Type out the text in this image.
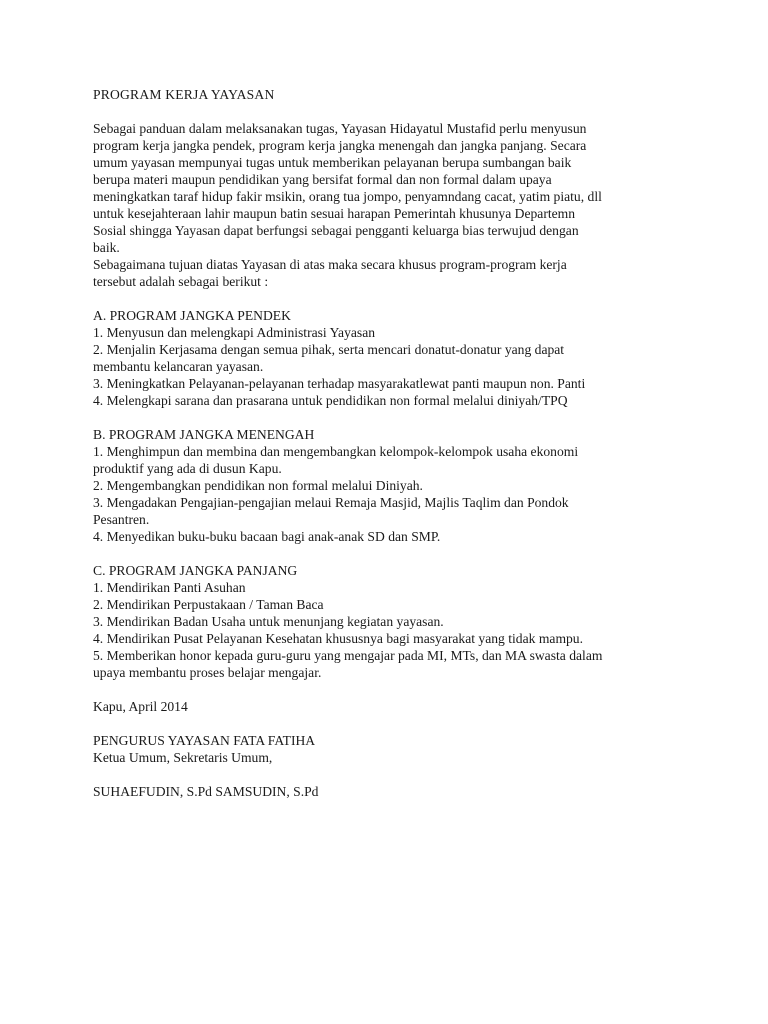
PROGRAM KERJA YAYASAN
Sebagai panduan dalam melaksanakan tugas, Yayasan Hidayatul Mustafid perlu menyusun
program kerja jangka pendek, program kerja jangka menengah dan jangka panjang. Secara
umum yayasan mempunyai tugas untuk memberikan pelayanan berupa sumbangan baik
berupa materi maupun pendidikan yang bersifat formal dan non formal dalam upaya
meningkatkan taraf hidup fakir msikin, orang tua jompo, penyamndang cacat, yatim piatu, dll
untuk kesejahteraan lahir maupun batin sesuai harapan Pemerintah khusunya Departemn
Sosial shingga Yayasan dapat berfungsi sebagai pengganti keluarga bias terwujud dengan
baik.
Sebagaimana tujuan diatas Yayasan di atas maka secara khusus program-program kerja
tersebut adalah sebagai berikut :
A. PROGRAM JANGKA PENDEK
1. Menyusun dan melengkapi Administrasi Yayasan
2. Menjalin Kerjasama dengan semua pihak, serta mencari donatut-donatur yang dapat
membantu kelancaran yayasan.
3. Meningkatkan Pelayanan-pelayanan terhadap masyarakatlewat panti maupun non. Panti
4. Melengkapi sarana dan prasarana untuk pendidikan non formal melalui diniyah/TPQ
B. PROGRAM JANGKA MENENGAH
1. Menghimpun dan membina dan mengembangkan kelompok-kelompok usaha ekonomi
produktif yang ada di dusun Kapu.
2. Mengembangkan pendidikan non formal melalui Diniyah.
3. Mengadakan Pengajian-pengajian melaui Remaja Masjid, Majlis Taqlim dan Pondok
Pesantren.
4. Menyedikan buku-buku bacaan bagi anak-anak SD dan SMP.
C. PROGRAM JANGKA PANJANG
1. Mendirikan Panti Asuhan
2. Mendirikan Perpustakaan / Taman Baca
3. Mendirikan Badan Usaha untuk menunjang kegiatan yayasan.
4. Mendirikan Pusat Pelayanan Kesehatan khususnya bagi masyarakat yang tidak mampu.
5. Memberikan honor kepada guru-guru yang mengajar pada MI, MTs, dan MA swasta dalam
upaya membantu proses belajar mengajar.
Kapu, April 2014
PENGURUS YAYASAN FATA FATIHA
Ketua Umum, Sekretaris Umum,
SUHAEFUDIN, S.Pd SAMSUDIN, S.Pd
